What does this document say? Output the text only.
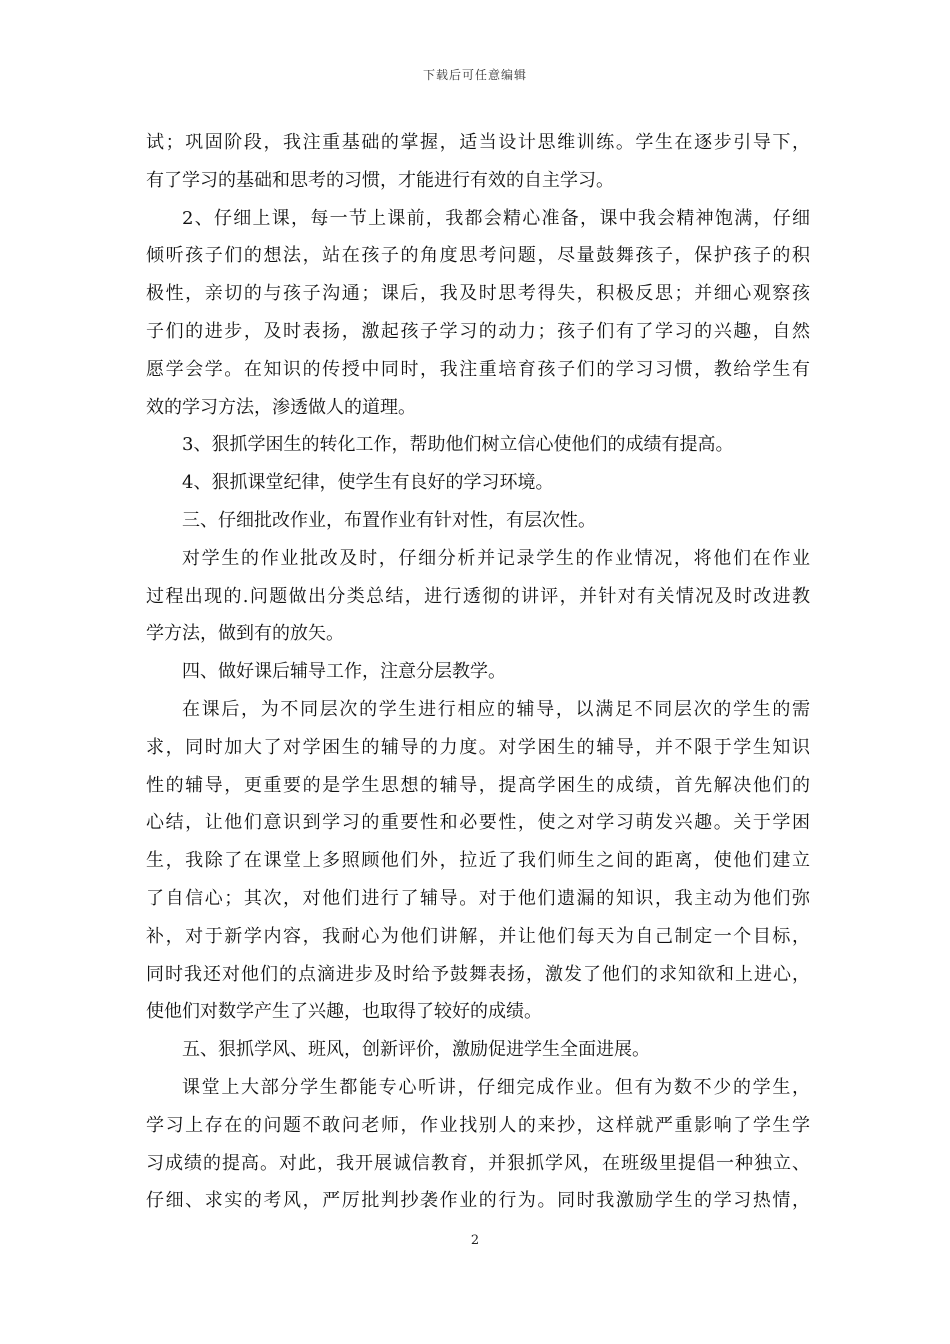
下载后可任意编辑
试；巩固阶段，我注重基础的掌握，适当设计思维训练。学生在逐步引导下，
有了学习的基础和思考的习惯，才能进行有效的自主学习。
2、仔细上课，每一节上课前，我都会精心准备，课中我会精神饱满，仔细
倾听孩子们的想法，站在孩子的角度思考问题，尽量鼓舞孩子，保护孩子的积
极性，亲切的与孩子沟通；课后，我及时思考得失，积极反思；并细心观察孩
子们的进步，及时表扬，激起孩子学习的动力；孩子们有了学习的兴趣，自然
愿学会学。在知识的传授中同时，我注重培育孩子们的学习习惯，教给学生有
效的学习方法，渗透做人的道理。
3、狠抓学困生的转化工作，帮助他们树立信心使他们的成绩有提高。
4、狠抓课堂纪律，使学生有良好的学习环境。
三、仔细批改作业，布置作业有针对性，有层次性。
对学生的作业批改及时，仔细分析并记录学生的作业情况，将他们在作业
过程出现的.问题做出分类总结，进行透彻的讲评，并针对有关情况及时改进教
学方法，做到有的放矢。
四、做好课后辅导工作，注意分层教学。
在课后，为不同层次的学生进行相应的辅导，以满足不同层次的学生的需
求，同时加大了对学困生的辅导的力度。对学困生的辅导，并不限于学生知识
性的辅导，更重要的是学生思想的辅导，提高学困生的成绩，首先解决他们的
心结，让他们意识到学习的重要性和必要性，使之对学习萌发兴趣。关于学困
生，我除了在课堂上多照顾他们外，拉近了我们师生之间的距离，使他们建立
了自信心；其次，对他们进行了辅导。对于他们遗漏的知识，我主动为他们弥
补，对于新学内容，我耐心为他们讲解，并让他们每天为自己制定一个目标，
同时我还对他们的点滴进步及时给予鼓舞表扬，激发了他们的求知欲和上进心，
使他们对数学产生了兴趣，也取得了较好的成绩。
五、狠抓学风、班风，创新评价，激励促进学生全面进展。
课堂上大部分学生都能专心听讲，仔细完成作业。但有为数不少的学生，
学习上存在的问题不敢问老师，作业找别人的来抄，这样就严重影响了学生学
习成绩的提高。对此，我开展诚信教育，并狠抓学风，在班级里提倡一种独立、
仔细、求实的考风，严厉批判抄袭作业的行为。同时我激励学生的学习热情，
2
